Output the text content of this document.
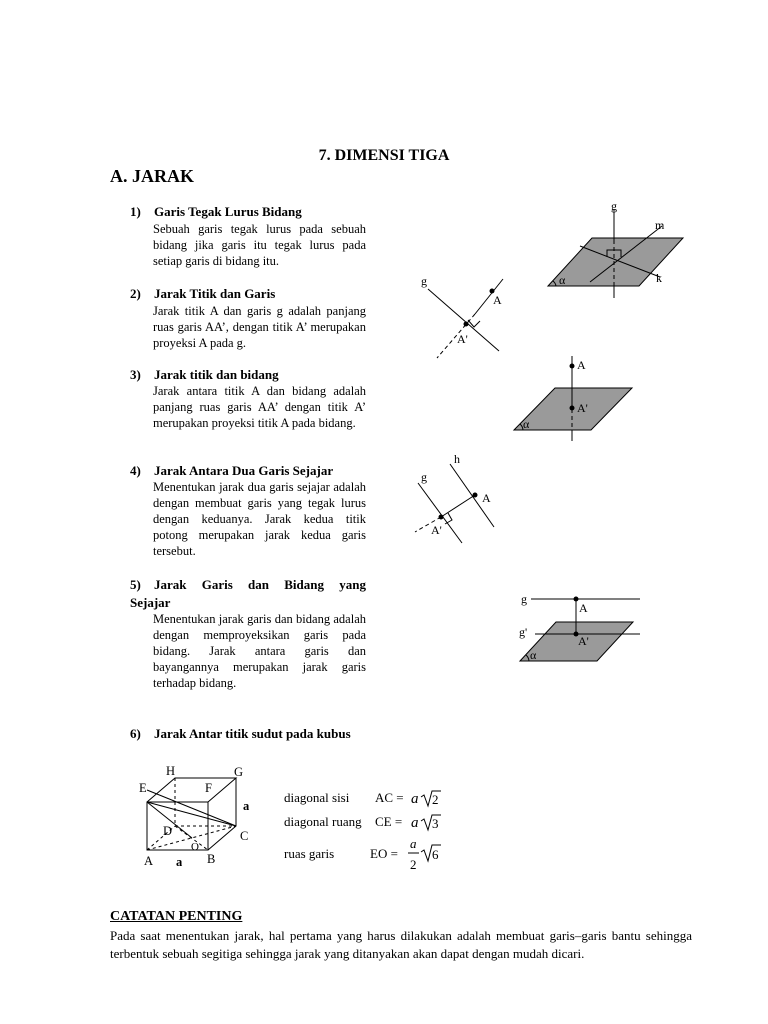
7. DIMENSI TIGA
A. JARAK
1) Garis Tegak Lurus Bidang
Sebuah garis tegak lurus pada sebuah bidang jika garis itu tegak lurus pada setiap garis di bidang itu.
2) Jarak Titik dan Garis
Jarak titik A dan garis g adalah panjang ruas garis AA’, dengan titik A’ merupakan proyeksi A pada g.
3) Jarak titik dan bidang
Jarak antara titik A dan bidang adalah panjang ruas garis AA’ dengan titik A’ merupakan proyeksi titik A pada bidang.
4) Jarak Antara Dua Garis Sejajar
Menentukan jarak dua garis sejajar adalah dengan membuat garis yang tegak lurus dengan keduanya. Jarak kedua titik potong merupakan jarak kedua garis tersebut.
5) Jarak Garis dan Bidang yang
Sejajar
Menentukan jarak garis dan bidang adalah dengan memproyeksikan garis pada bidang. Jarak antara garis dan bayangannya merupakan jarak garis terhadap bidang.
6) Jarak Antar titik sudut pada kubus
g
m
k
α
g
A
A'
A
A'
α
g
h
A
A'
g
g'
A
A'
α
H	G
E	F
D	C
O
A	B
a
a
diagonal sisi AC = a 2
diagonal ruang CE = a 3
ruas garis	EO =
a
2
6
CATATAN PENTING
Pada saat menentukan jarak, hal pertama yang harus dilakukan adalah membuat garis–garis bantu sehingga terbentuk sebuah segitiga sehingga jarak yang ditanyakan akan dapat dengan mudah dicari.
